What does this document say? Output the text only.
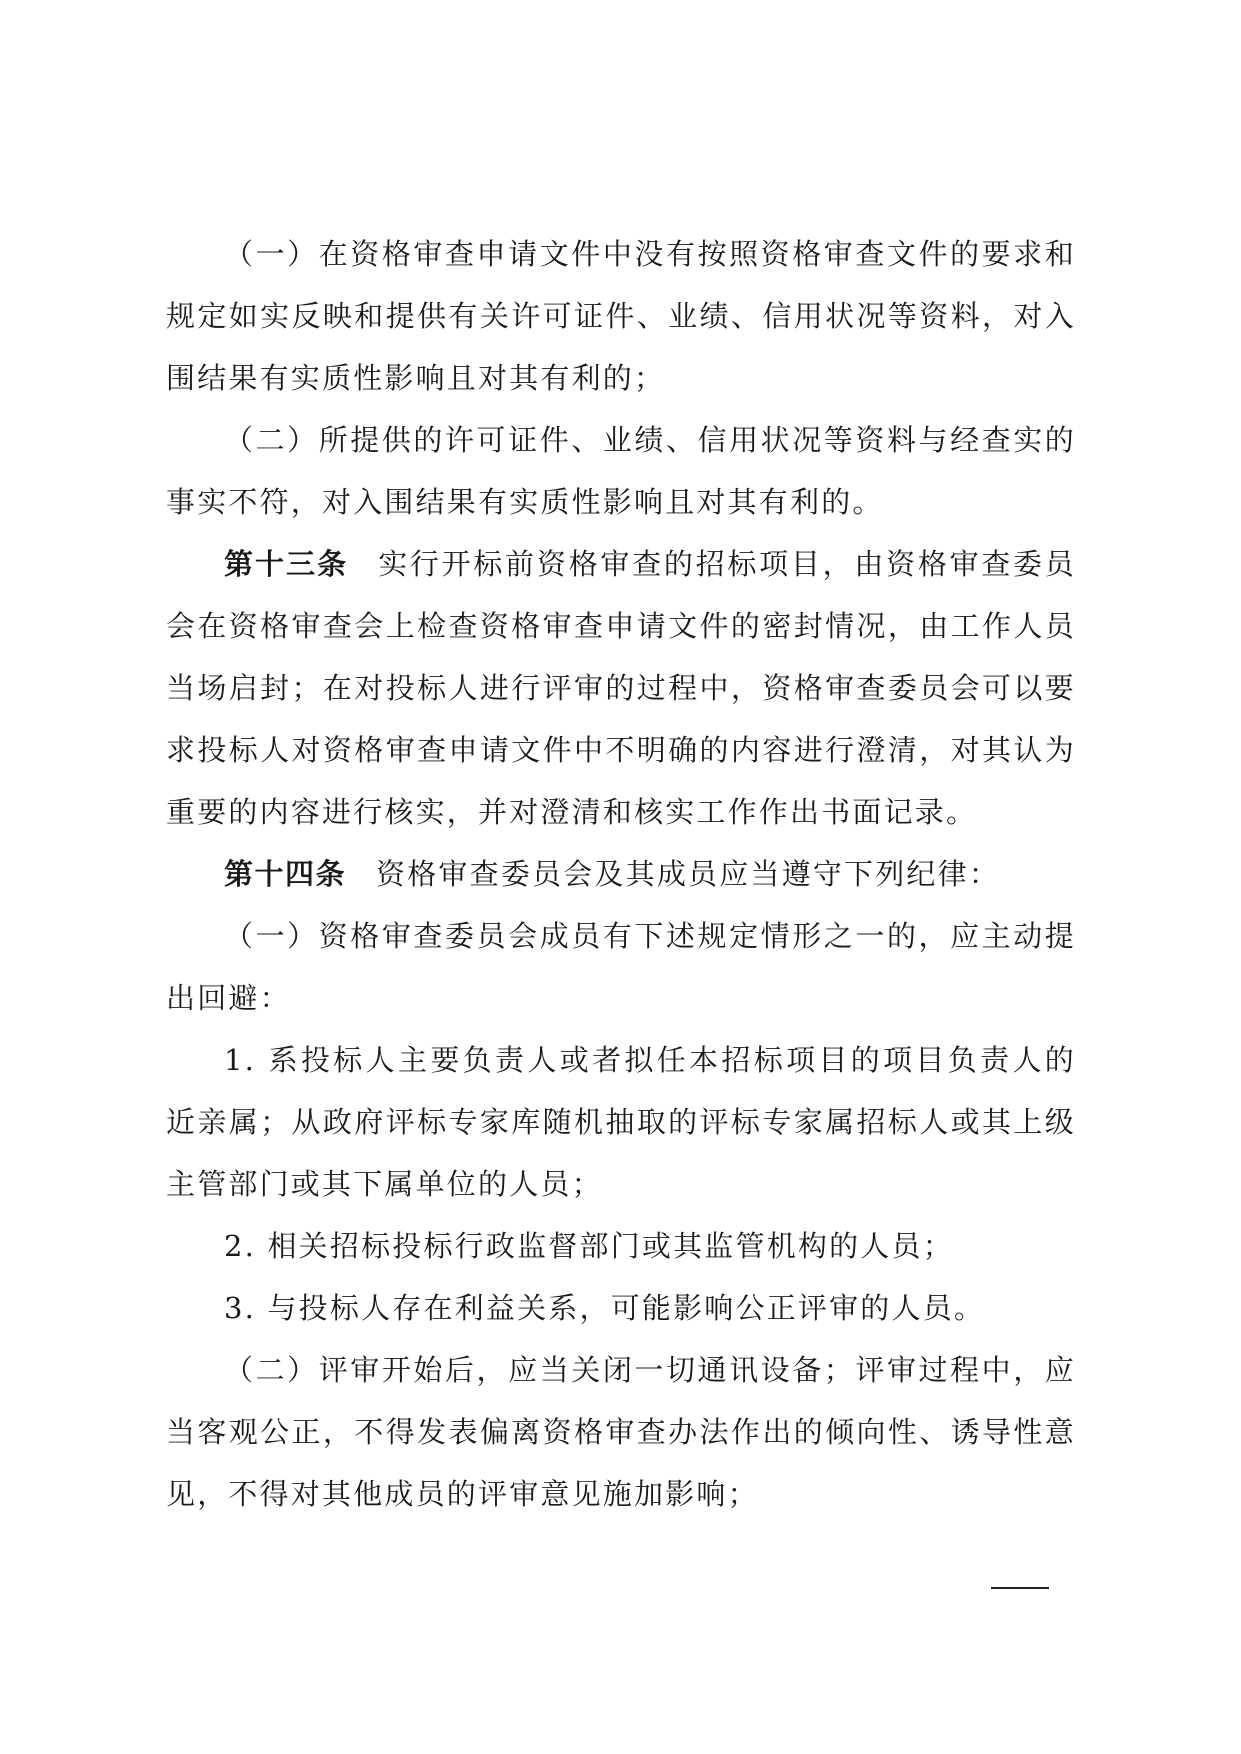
（一）在资格审查申请文件中没有按照资格审查文件的要求和规定如实反映和提供有关许可证件、业绩、信用状况等资料，对入围结果有实质性影响且对其有利的；

（二）所提供的许可证件、业绩、信用状况等资料与经查实的事实不符，对入围结果有实质性影响且对其有利的。

第十三条 实行开标前资格审查的招标项目，由资格审查委员会在资格审查会上检查资格审查申请文件的密封情况，由工作人员当场启封；在对投标人进行评审的过程中，资格审查委员会可以要求投标人对资格审查申请文件中不明确的内容进行澄清，对其认为重要的内容进行核实，并对澄清和核实工作作出书面记录。

第十四条 资格审查委员会及其成员应当遵守下列纪律：

（一）资格审查委员会成员有下述规定情形之一的，应主动提出回避：

1. 系投标人主要负责人或者拟任本招标项目的项目负责人的近亲属；从政府评标专家库随机抽取的评标专家属招标人或其上级主管部门或其下属单位的人员；

2. 相关招标投标行政监督部门或其监管机构的人员；

3. 与投标人存在利益关系，可能影响公正评审的人员。

（二）评审开始后，应当关闭一切通讯设备；评审过程中，应当客观公正，不得发表偏离资格审查办法作出的倾向性、诱导性意见，不得对其他成员的评审意见施加影响；
